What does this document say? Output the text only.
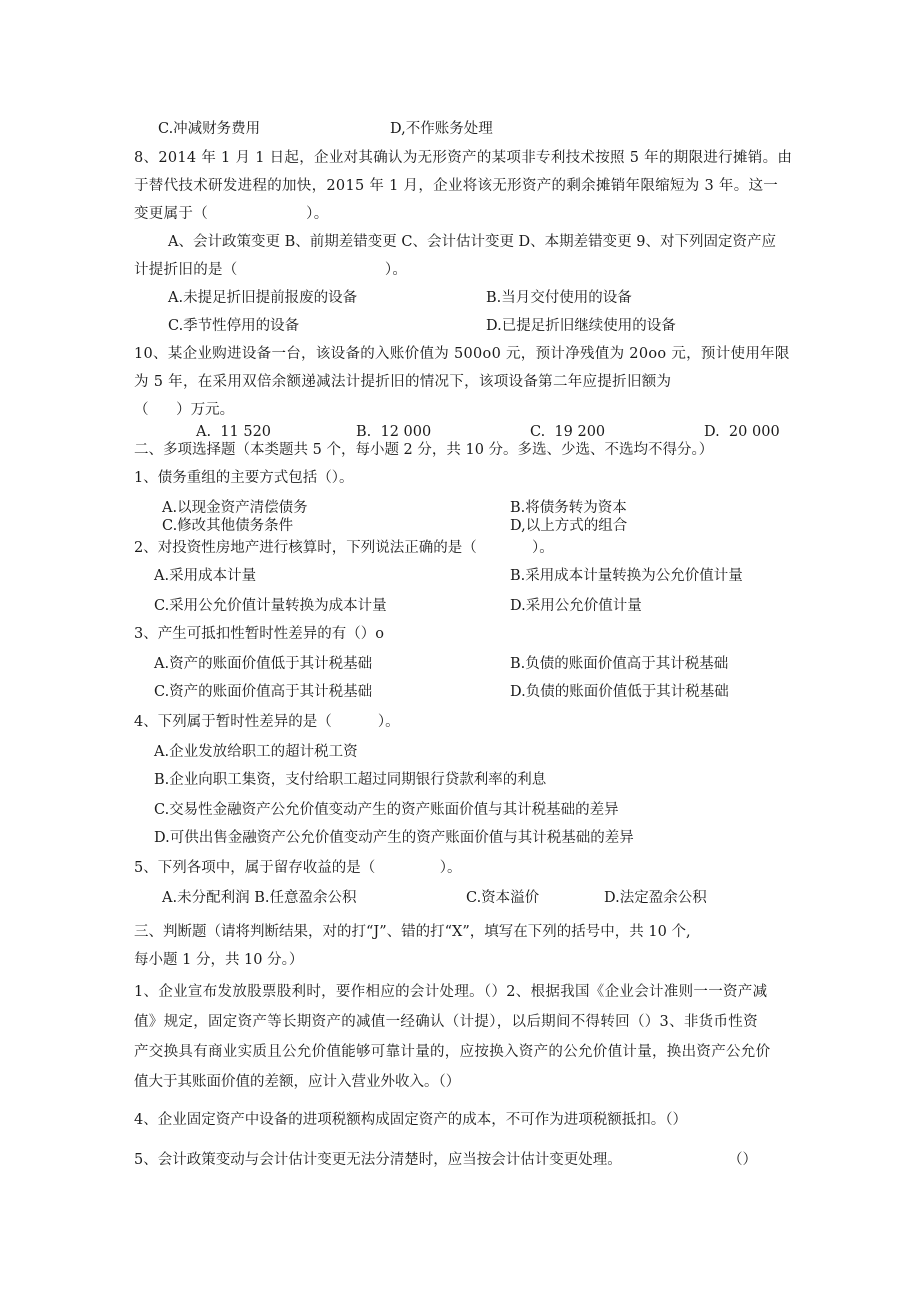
C.冲减财务费用	D,不作账务处理
8、2014 年 1 月 1 日起，企业对其确认为无形资产的某项非专利技术按照 5 年的期限进行摊销。由
于替代技术研发进程的加快，2015 年 1 月，企业将该无形资产的剩余摊销年限缩短为 3 年。这一
变更属于（                    ）。
A、会计政策变更 B、前期差错变更 C、会计估计变更 D、本期差错变更 9、对下列固定资产应
计提折旧的是（                              ）。
A.未提足折旧提前报废的设备	B.当月交付使用的设备
C.季节性停用的设备	D.已提足折旧继续使用的设备
10、某企业购进设备一台，该设备的入账价值为 500o0 元，预计净残值为 20oo 元，预计使用年限
为 5 年，在采用双倍余额递减法计提折旧的情况下，该项设备第二年应提折旧额为
（      ）万元。
A.  11 520	B.  12 000	C.  19 200	D.  20 000
二、多项选择题（本类题共 5 个，每小题 2 分，共 10 分。多选、少选、不选均不得分。）
1、债务重组的主要方式包括（）。
A.以现金资产清偿债务	B.将债务转为资本
C.修改其他债务条件	D,以上方式的组合
2、对投资性房地产进行核算时，下列说法正确的是（            ）。
A.采用成本计量	B.采用成本计量转换为公允价值计量
C.采用公允价值计量转换为成本计量	D.采用公允价值计量
3、产生可抵扣性暂时性差异的有（）o
A.资产的账面价值低于其计税基础	B.负债的账面价值高于其计税基础
C.资产的账面价值高于其计税基础	D.负债的账面价值低于其计税基础
4、下列属于暂时性差异的是（          ）。
A.企业发放给职工的超计税工资
B.企业向职工集资，支付给职工超过同期银行贷款利率的利息
C.交易性金融资产公允价值变动产生的资产账面价值与其计税基础的差异
D.可供出售金融资产公允价值变动产生的资产账面价值与其计税基础的差异
5、下列各项中，属于留存收益的是（              ）。
A.未分配利润 B.任意盈余公积	C.资本溢价	D.法定盈余公积
三、判断题（请将判断结果，对的打“J”、错的打“X”，填写在下列的括号中，共 10 个,
每小题 1 分，共 10 分。）
1、企业宣布发放股票股利时，要作相应的会计处理。（）2、根据我国《企业会计准则一一资产减
值》规定，固定资产等长期资产的减值一经确认（计提），以后期间不得转回（）3、非货币性资
产交换具有商业实质且公允价值能够可靠计量的，应按换入资产的公允价值计量，换出资产公允价
值大于其账面价值的差额，应计入营业外收入。（）
4、企业固定资产中设备的进项税额构成固定资产的成本，不可作为进项税额抵扣。（）
5、会计政策变动与会计估计变更无法分清楚时，应当按会计估计变更处理。	（）
